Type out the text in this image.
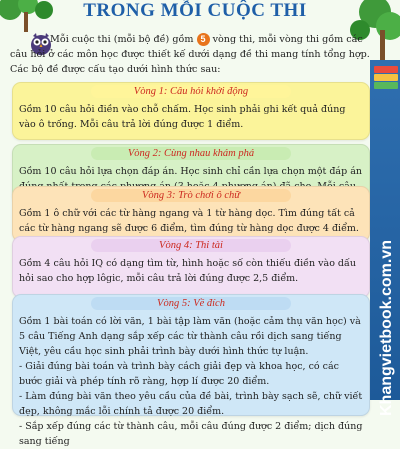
TRONG MỖI CUỘC THI
Mỗi cuộc thi (mỗi bộ đề) gồm 5 vòng thi, mỗi vòng thi gồm các câu hỏi ở các môn học được thiết kế dưới dạng đề thi mang tính tổng hợp. Các bộ đề được cấu tạo dưới hình thức sau:
Vòng 1: Câu hỏi khởi động
Gồm 10 câu hỏi điền vào chỗ chấm. Học sinh phải ghi kết quả đúng vào ô trống. Mỗi câu trả lời đúng được 1 điểm.
Vòng 2: Cùng nhau khám phá
Gồm 10 câu hỏi lựa chọn đáp án. Học sinh chỉ cần lựa chọn một đáp án
Vòng 3: Trò chơi ô chữ
Gồm 1 ô chữ với các từ hàng ngang và 1 từ hàng dọc. Tìm đúng tất cả các từ hàng ngang sẽ được 6 điểm, tìm đúng từ hàng dọc được 4 điểm.
Vòng 4: Thi tài
Gồm 4 câu hỏi IQ có dạng tìm từ, hình hoặc số còn thiếu điền vào dấu hỏi sao cho hợp lôgic, mỗi câu trả lời đúng được 2,5 điểm.
Vòng 5: Về đích
Gồm 1 bài toán có lời văn, 1 bài tập làm văn (hoặc cảm thụ văn học) và 5 câu Tiếng Anh dạng sắp xếp các từ thành câu rồi dịch sang tiếng Việt, yêu cầu học sinh phải trình bày dưới hình thức tự luận.
- Giải đúng bài toán và trình bày cách giải đẹp và khoa học, có các bước giải và phép tính rõ ràng, hợp lí được 20 điểm.
- Làm đúng bài văn theo yêu cầu của đề bài, trình bày sạch sẽ, chữ viết đẹp, không mắc lỗi chính tả được 20 điểm.
- Sắp xếp đúng các từ thành câu, mỗi câu đúng được 2 điểm; dịch đúng sang tiếng
Khangvietbook.com.vn
